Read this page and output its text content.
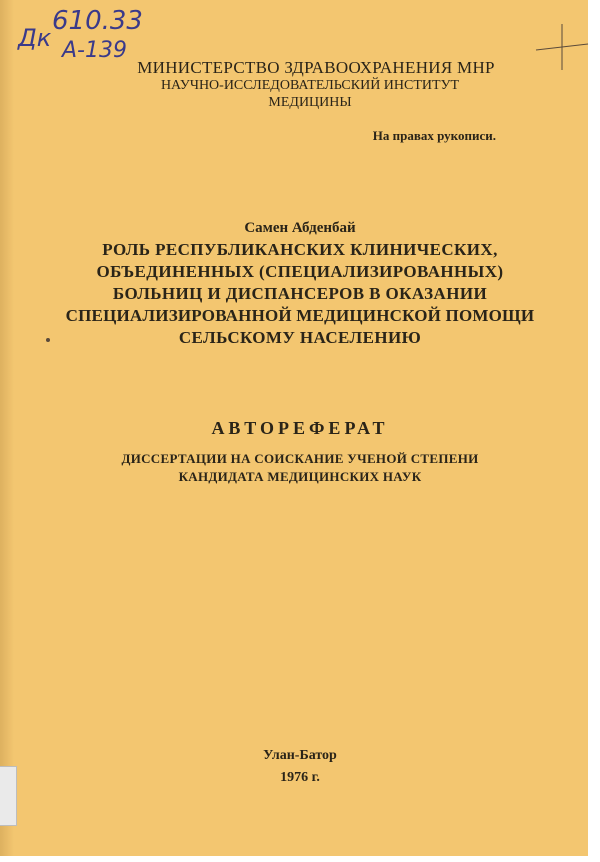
Дк
610.33
А-139

МИНИСТЕРСТВО ЗДРАВООХРАНЕНИЯ МНР

НАУЧНО-ИССЛЕДОВАТЕЛЬСКИЙ ИНСТИТУТ

МЕДИЦИНЫ

На правах рукописи.

Самен Абденбай

РОЛЬ РЕСПУБЛИКАНСКИХ КЛИНИЧЕСКИХ,

ОБЪЕДИНЕННЫХ (СПЕЦИАЛИЗИРОВАННЫХ)

БОЛЬНИЦ И ДИСПАНСЕРОВ В ОКАЗАНИИ

СПЕЦИАЛИЗИРОВАННОЙ МЕДИЦИНСКОЙ ПОМОЩИ

СЕЛЬСКОМУ НАСЕЛЕНИЮ

АВТОРЕФЕРАТ

ДИССЕРТАЦИИ НА СОИСКАНИЕ УЧЕНОЙ СТЕПЕНИ

КАНДИДАТА МЕДИЦИНСКИХ НАУК

Улан-Батор

1976 г.
